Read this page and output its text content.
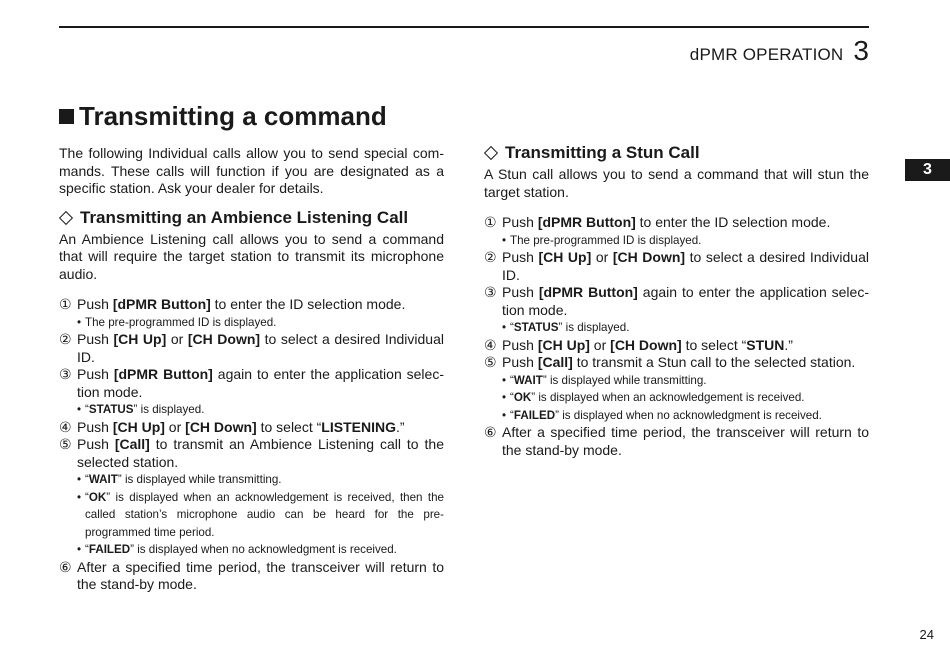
dPMR OPERATION 3
3
Transmitting a command

The following Individual calls allow you to send special com- mands. These calls will function if you are designated as a specific station. Ask your dealer for details.

Transmitting an Ambience Listening Call

An Ambience Listening call allows you to send a command that will require the target station to transmit its microphone audio.

① Push [dPMR Button] to enter the ID selection mode.
• The pre-programmed ID is displayed.
② Push [CH Up] or [CH Down] to select a desired Individual ID.
③ Push [dPMR Button] again to enter the application selec- tion mode.
• “STATUS” is displayed.
④ Push [CH Up] or [CH Down] to select “LISTENING.”
⑤ Push [Call] to transmit an Ambience Listening call to the selected station.
• “WAIT” is displayed while transmitting.
• “OK” is displayed when an acknowledgement is received, then the called station’s microphone audio can be heard for the pre- programmed time period.
• “FAILED” is displayed when no acknowledgment is received.
⑥ After a specified time period, the transceiver will return to the stand-by mode.
Transmitting a Stun Call

A Stun call allows you to send a command that will stun the target station.

① Push [dPMR Button] to enter the ID selection mode.
• The pre-programmed ID is displayed.
② Push [CH Up] or [CH Down] to select a desired Individual ID.
③ Push [dPMR Button] again to enter the application selec- tion mode.
• “STATUS” is displayed.
④ Push [CH Up] or [CH Down] to select “STUN.”
⑤ Push [Call] to transmit a Stun call to the selected station.
• “WAIT” is displayed while transmitting.
• “OK” is displayed when an acknowledgement is received.
• “FAILED” is displayed when no acknowledgment is received.
⑥ After a specified time period, the transceiver will return to the stand-by mode.
24
